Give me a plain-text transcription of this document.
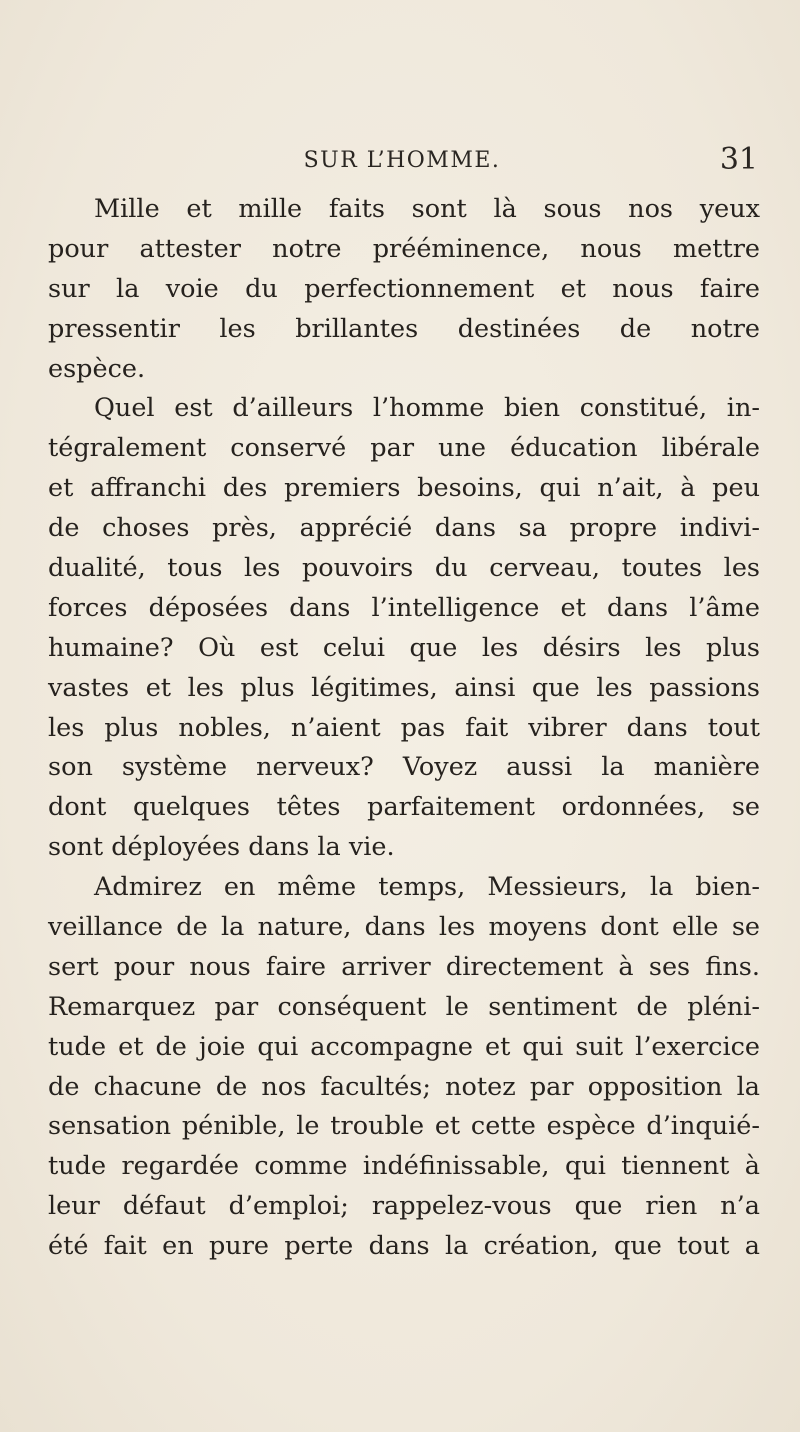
SUR L’HOMME.	31
Mille et mille faits sont là sous nos yeux
pour attester notre prééminence, nous mettre
sur la voie du perfectionnement et nous faire
pressentir les brillantes destinées de notre
espèce.
Quel est d’ailleurs l’homme bien constitué, in-
tégralement conservé par une éducation libérale
et affranchi des premiers besoins, qui n’ait, à peu
de choses près, apprécié dans sa propre indivi-
dualité, tous les pouvoirs du cerveau, toutes les
forces déposées dans l’intelligence et dans l’âme
humaine? Où est celui que les désirs les plus
vastes et les plus légitimes, ainsi que les passions
les plus nobles, n’aient pas fait vibrer dans tout
son système nerveux? Voyez aussi la manière
dont quelques têtes parfaitement ordonnées, se
sont déployées dans la vie.
Admirez en même temps, Messieurs, la bien-
veillance de la nature, dans les moyens dont elle se
sert pour nous faire arriver directement à ses fins.
Remarquez par conséquent le sentiment de pléni-
tude et de joie qui accompagne et qui suit l’exercice
de chacune de nos facultés; notez par opposition la
sensation pénible, le trouble et cette espèce d’inquié-
tude regardée comme indéfinissable, qui tiennent à
leur défaut d’emploi; rappelez-vous que rien n’a
été fait en pure perte dans la création, que tout a
